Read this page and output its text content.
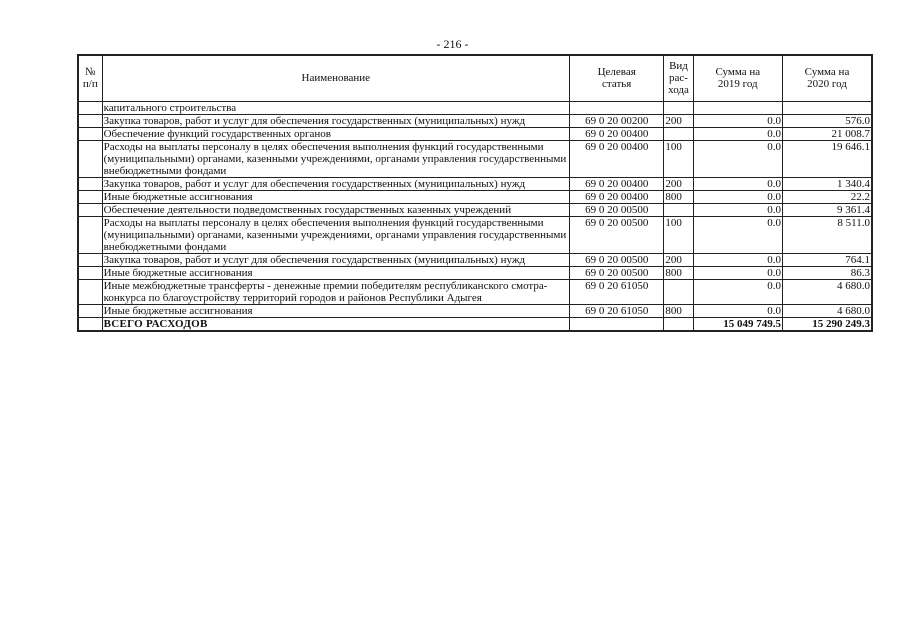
- 216 -
№ п/п	Наименование	Целевая статья	Вид рас-хода	Сумма на 2019 год	Сумма на 2020 год
	капитального строительства				
	Закупка товаров, работ и услуг для обеспечения государственных (муниципальных) нужд	69 0 20 00200	200	0.0	576.0
	Обеспечение функций государственных органов	69 0 20 00400		0.0	21 008.7
	Расходы на выплаты персоналу в целях обеспечения выполнения функций государственными (муниципальными) органами, казенными учреждениями, органами управления государственными внебюджетными фондами	69 0 20 00400	100	0.0	19 646.1
	Закупка товаров, работ и услуг для обеспечения государственных (муниципальных) нужд	69 0 20 00400	200	0.0	1 340.4
	Иные бюджетные ассигнования	69 0 20 00400	800	0.0	22.2
	Обеспечение деятельности подведомственных государственных казенных учреждений	69 0 20 00500		0.0	9 361.4
	Расходы на выплаты персоналу в целях обеспечения выполнения функций государственными (муниципальными) органами, казенными учреждениями, органами управления государственными внебюджетными фондами	69 0 20 00500	100	0.0	8 511.0
	Закупка товаров, работ и услуг для обеспечения государственных (муниципальных) нужд	69 0 20 00500	200	0.0	764.1
	Иные бюджетные ассигнования	69 0 20 00500	800	0.0	86.3
	Иные межбюджетные трансферты - денежные премии победителям республиканского смотра-конкурса по благоустройству территорий городов и районов Республики Адыгея	69 0 20 61050		0.0	4 680.0
	Иные бюджетные ассигнования	69 0 20 61050	800	0.0	4 680.0
	ВСЕГО РАСХОДОВ			15 049 749.5	15 290 249.3
